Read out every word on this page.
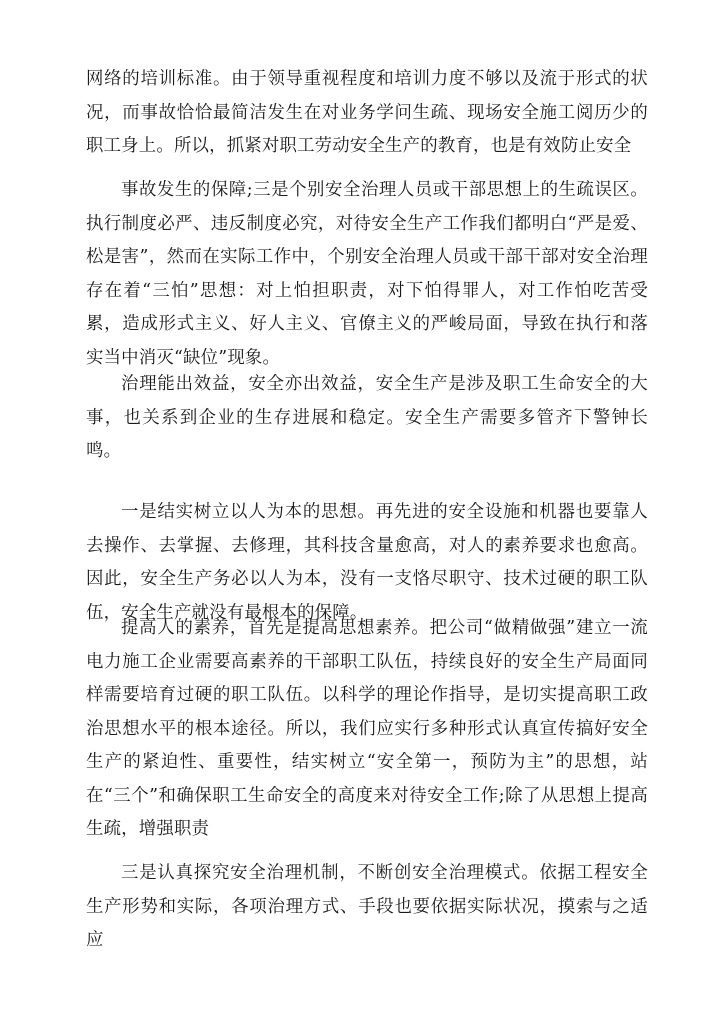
网络的培训标准。由于领导重视程度和培训力度不够以及流于形式的状况，而事故恰恰最简洁发生在对业务学问生疏、现场安全施工阅历少的职工身上。所以，抓紧对职工劳动安全生产的教育，也是有效防止安全

事故发生的保障;三是个别安全治理人员或干部思想上的生疏误区。执行制度必严、违反制度必究，对待安全生产工作我们都明白“严是爱、松是害”，然而在实际工作中，个别安全治理人员或干部干部对安全治理存在着“三怕”思想：对上怕担职责，对下怕得罪人，对工作怕吃苦受累，造成形式主义、好人主义、官僚主义的严峻局面，导致在执行和落实当中消灭“缺位”现象。

治理能出效益，安全亦出效益，安全生产是涉及职工生命安全的大事，也关系到企业的生存进展和稳定。安全生产需要多管齐下警钟长鸣。

一是结实树立以人为本的思想。再先进的安全设施和机器也要靠人去操作、去掌握、去修理，其科技含量愈高，对人的素养要求也愈高。因此，安全生产务必以人为本，没有一支恪尽职守、技术过硬的职工队伍，安全生产就没有最根本的保障。

提高人的素养，首先是提高思想素养。把公司“做精做强”建立一流电力施工企业需要高素养的干部职工队伍，持续良好的安全生产局面同样需要培育过硬的职工队伍。以科学的理论作指导，是切实提高职工政治思想水平的根本途径。所以，我们应实行多种形式认真宣传搞好安全生产的紧迫性、重要性，结实树立“安全第一，预防为主”的思想，站在“三个”和确保职工生命安全的高度来对待安全工作;除了从思想上提高生疏，增强职责

三是认真探究安全治理机制，不断创安全治理模式。依据工程安全生产形势和实际，各项治理方式、手段也要依据实际状况，摸索与之适应
